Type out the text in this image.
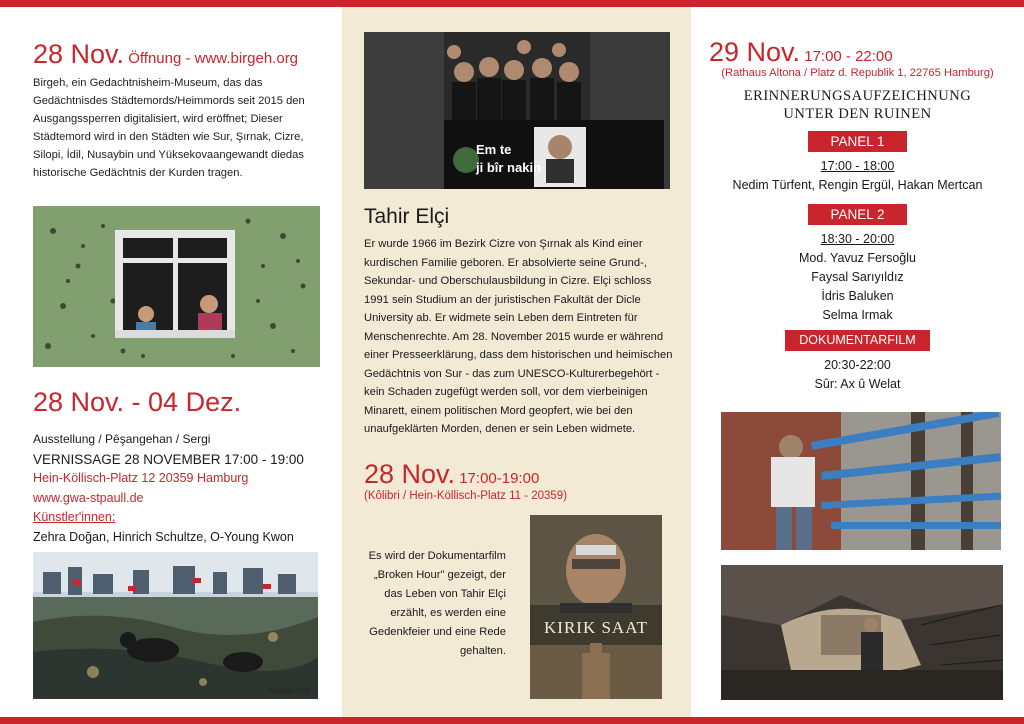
28 Nov. Öffnung - www.birgeh.org
Birgeh, ein Gedachtnisheim-Museum, das das Gedächtnisdes Städtemords/Heimmords seit 2015 den Ausgangssperren digitalisiert, wird eröffnet; Dieser Städtemord wird in den Städten wie Sur, Şırnak, Cizre, Silopi, İdil, Nusaybin und Yüksekovaangewandt diedas historische Gedächtnis der Kurden tragen.
28 Nov. - 04 Dez.
Ausstellung / Pêşangehan / Sergi
VERNISSAGE 28 NOVEMBER 17:00 - 19:00
Hein-Köllisch-Platz 12 20359 Hamburg
www.gwa-stpaull.de
Künstler'innen:
Zehra Doğan, Hinrich Schultze, O-Young Kwon
Nrayhn 2016
Em te
ji bîr nakin
Tahir Elçi
Er wurde 1966 im Bezirk Cizre von Şırnak als Kind einer kurdischen Familie geboren. Er absolvierte seine Grund-, Sekundar- und Oberschulausbildung in Cizre. Elçi schloss 1991 sein Studium an der juristischen Fakultät der Dicle University ab. Er widmete sein Leben dem Eintreten für Menschenrechte. Am 28. November 2015 wurde er während einer Presseerklärung, dass dem historischen und heimischen Gedächtnis von Sur - das zum UNESCO-Kulturerbegehört - kein Schaden zugefügt werden soll, vor dem vierbeinigen Minarett, einem politischen Mord geopfert, wie bei den unaufgeklärten Morden, denen er sein Leben widmete.
28 Nov. 17:00-19:00
(Kôlibri / Hein-Köllisch-Platz 11 - 20359)
Es wird der Dokumentarfilm „Broken Hour" gezeigt, der das Leben von Tahir Elçi erzählt, es werden eine Gedenkfeier und eine Rede gehalten.
KIRIK SAAT
29 Nov. 17:00 - 22:00
(Rathaus Altona / Platz d. Republik 1, 22765 Hamburg)
ERINNERUNGSAUFZEICHNUNG
UNTER DEN RUINEN
PANEL 1
17:00 - 18:00
Nedim Türfent, Rengin Ergül, Hakan Mertcan
PANEL 2
18:30 - 20:00
Mod. Yavuz Fersoğlu
Faysal Sarıyıldız
İdris Baluken
Selma Irmak
DOKUMENTARFILM
20:30-22:00
Sûr: Ax û Welat
